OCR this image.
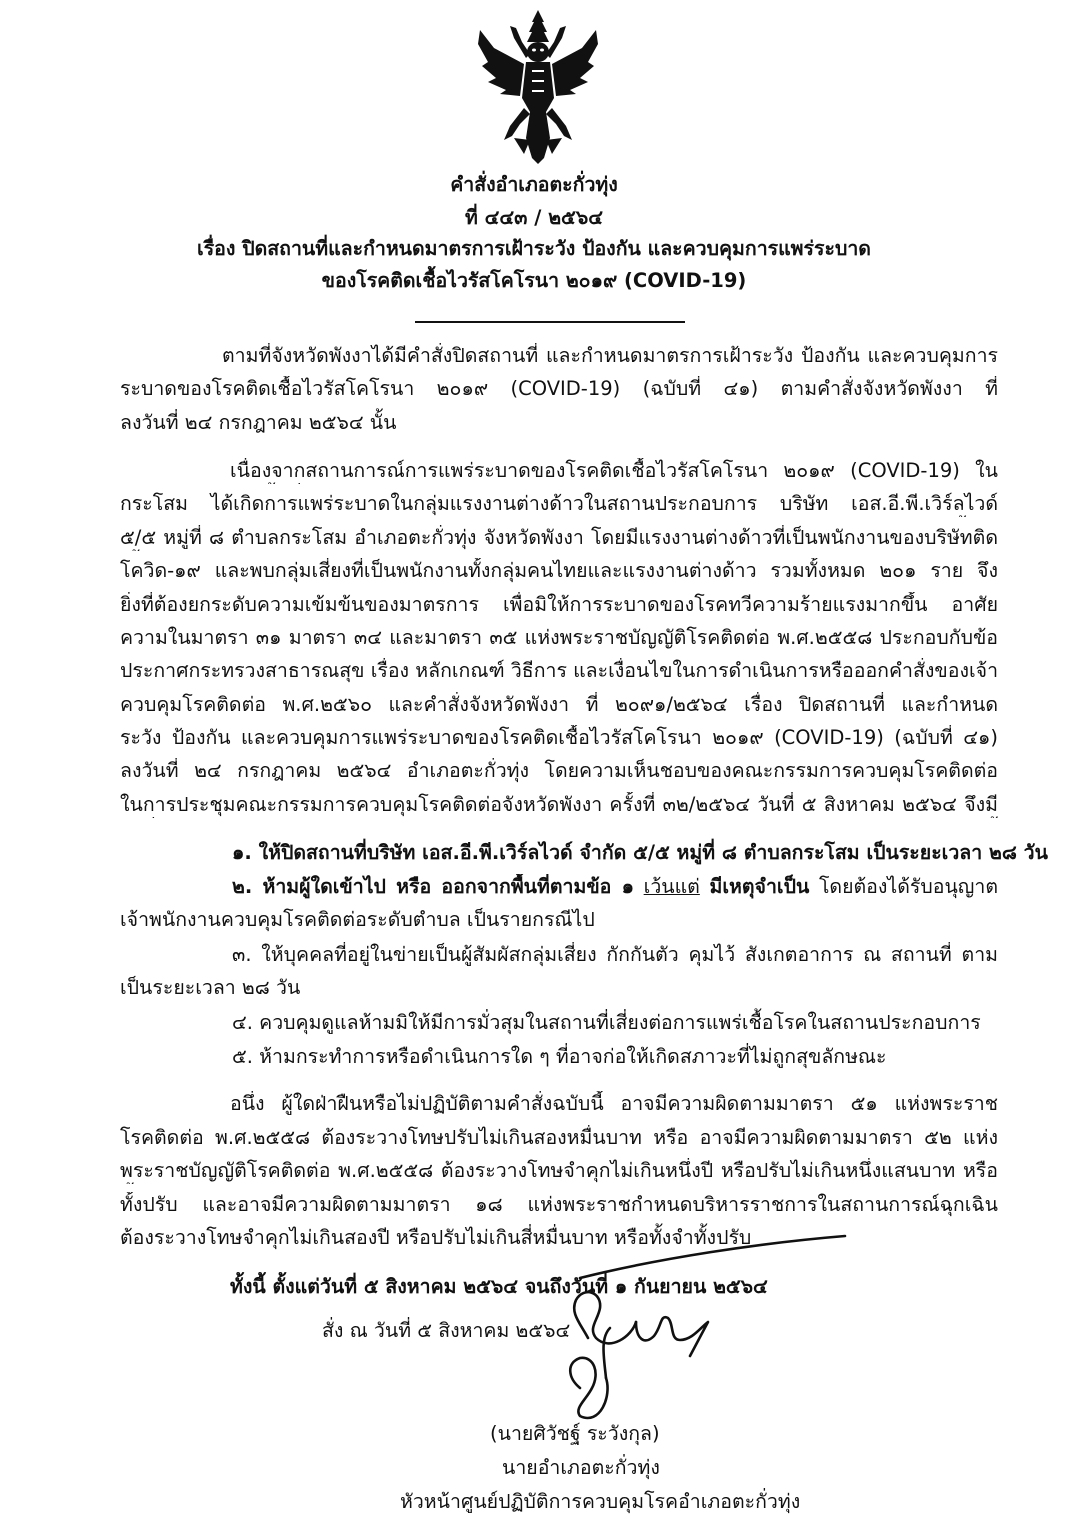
คำสั่งอำเภอตะกั่วทุ่ง
ที่ ๔๔๓ / ๒๕๖๔
เรื่อง ปิดสถานที่และกำหนดมาตรการเฝ้าระวัง ป้องกัน และควบคุมการแพร่ระบาด
ของโรคติดเชื้อไวรัสโคโรนา ๒๐๑๙ (COVID-19)
ตามที่จังหวัดพังงาได้มีคำสั่งปิดสถานที่ และกำหนดมาตรการเฝ้าระวัง ป้องกัน และควบคุมการ
ระบาดของโรคติดเชื้อไวรัสโคโรนา ๒๐๑๙ (COVID-19) (ฉบับที่ ๔๑) ตามคำสั่งจังหวัดพังงา ที่
ลงวันที่ ๒๔ กรกฎาคม ๒๕๖๔ นั้น
เนื่องจากสถานการณ์การแพร่ระบาดของโรคติดเชื้อไวรัสโคโรนา ๒๐๑๙ (COVID-19) ใน
กระโสม ได้เกิดการแพร่ระบาดในกลุ่มแรงงานต่างด้าวในสถานประกอบการ บริษัท เอส.อี.พี.เวิร์ลไวด์
๕/๕ หมู่ที่ ๘ ตำบลกระโสม อำเภอตะกั่วทุ่ง จังหวัดพังงา โดยมีแรงงานต่างด้าวที่เป็นพนักงานของบริษัทติด
โควิด-๑๙ และพบกลุ่มเสี่ยงที่เป็นพนักงานทั้งกลุ่มคนไทยและแรงงานต่างด้าว รวมทั้งหมด ๒๐๑ ราย จึง
ยิ่งที่ต้องยกระดับความเข้มข้นของมาตรการ เพื่อมิให้การระบาดของโรคทวีความร้ายแรงมากขึ้น อาศัย
ความในมาตรา ๓๑ มาตรา ๓๔ และมาตรา ๓๕ แห่งพระราชบัญญัติโรคติดต่อ พ.ศ.๒๕๕๘ ประกอบกับข้อ
ประกาศกระทรวงสาธารณสุข เรื่อง หลักเกณฑ์ วิธีการ และเงื่อนไขในการดำเนินการหรือออกคำสั่งของเจ้า
ควบคุมโรคติดต่อ พ.ศ.๒๕๖๐ และคำสั่งจังหวัดพังงา ที่ ๒๐๙๑/๒๕๖๔ เรื่อง ปิดสถานที่ และกำหนด
ระวัง ป้องกัน และควบคุมการแพร่ระบาดของโรคติดเชื้อไวรัสโคโรนา ๒๐๑๙ (COVID-19) (ฉบับที่ ๔๑)
ลงวันที่ ๒๔ กรกฎาคม ๒๕๖๔ อำเภอตะกั่วทุ่ง โดยความเห็นชอบของคณะกรรมการควบคุมโรคติดต่อ
ในการประชุมคณะกรรมการควบคุมโรคติดต่อจังหวัดพังงา ครั้งที่ ๓๒/๒๕๖๔ วันที่ ๕ สิงหาคม ๒๕๖๔ จึงมี
๑. ให้ปิดสถานที่บริษัท เอส.อี.พี.เวิร์ลไวด์ จำกัด ๕/๕ หมู่ที่ ๘ ตำบลกระโสม เป็นระยะเวลา ๒๘ วัน
๒. ห้ามผู้ใดเข้าไป หรือ ออกจากพื้นที่ตามข้อ ๑ เว้นแต่ มีเหตุจำเป็น โดยต้องได้รับอนุญาต
เจ้าพนักงานควบคุมโรคติดต่อระดับตำบล เป็นรายกรณีไป
๓. ให้บุคคลที่อยู่ในข่ายเป็นผู้สัมผัสกลุ่มเสี่ยง กักกันตัว คุมไว้ สังเกตอาการ ณ สถานที่ ตาม
เป็นระยะเวลา ๒๘ วัน
๔. ควบคุมดูแลห้ามมิให้มีการมั่วสุมในสถานที่เสี่ยงต่อการแพร่เชื้อโรคในสถานประกอบการ
๕. ห้ามกระทำการหรือดำเนินการใด ๆ ที่อาจก่อให้เกิดสภาวะที่ไม่ถูกสุขลักษณะ
อนึ่ง ผู้ใดฝ่าฝืนหรือไม่ปฏิบัติตามคำสั่งฉบับนี้ อาจมีความผิดตามมาตรา ๕๑ แห่งพระราช
โรคติดต่อ พ.ศ.๒๕๕๘ ต้องระวางโทษปรับไม่เกินสองหมื่นบาท หรือ อาจมีความผิดตามมาตรา ๕๒ แห่ง
พระราชบัญญัติโรคติดต่อ พ.ศ.๒๕๕๘ ต้องระวางโทษจำคุกไม่เกินหนึ่งปี หรือปรับไม่เกินหนึ่งแสนบาท หรือ
ทั้งปรับ และอาจมีความผิดตามมาตรา ๑๘ แห่งพระราชกำหนดบริหารราชการในสถานการณ์ฉุกเฉิน
ต้องระวางโทษจำคุกไม่เกินสองปี หรือปรับไม่เกินสี่หมื่นบาท หรือทั้งจำทั้งปรับ
ทั้งนี้ ตั้งแต่วันที่ ๕ สิงหาคม ๒๕๖๔ จนถึงวันที่ ๑ กันยายน ๒๕๖๔
สั่ง ณ วันที่ ๕ สิงหาคม ๒๕๖๔
(นายศิวัชฐ์ ระวังกุล)
นายอำเภอตะกั่วทุ่ง
หัวหน้าศูนย์ปฏิบัติการควบคุมโรคอำเภอตะกั่วทุ่ง
